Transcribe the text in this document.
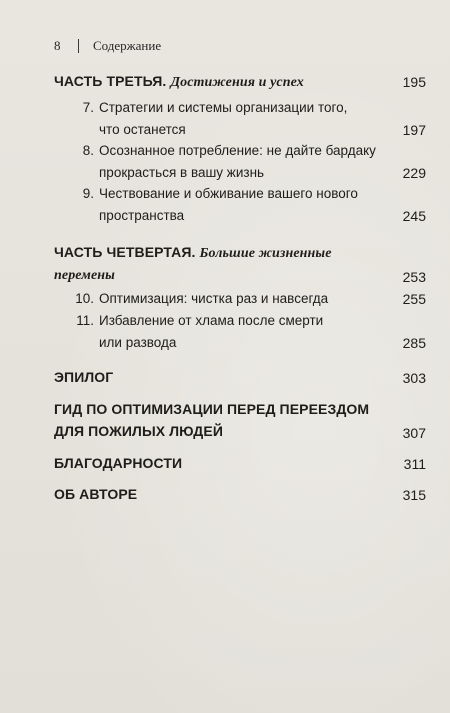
8	Содержание
ЧАСТЬ ТРЕТЬЯ. Достижения и успех	195
7. Стратегии и системы организации того,
что останется	197
8. Осознанное потребление: не дайте бардаку
прокрасться в вашу жизнь	229
9. Чествование и обживание вашего нового
пространства	245
ЧАСТЬ ЧЕТВЕРТАЯ. Большие жизненные
перемены	253
10. Оптимизация: чистка раз и навсегда	255
11. Избавление от хлама после смерти
или развода	285
ЭПИЛОГ	303
ГИД ПО ОПТИМИЗАЦИИ ПЕРЕД ПЕРЕЕЗДОМ
ДЛЯ ПОЖИЛЫХ ЛЮДЕЙ	307
БЛАГОДАРНОСТИ	311
ОБ АВТОРЕ	315
